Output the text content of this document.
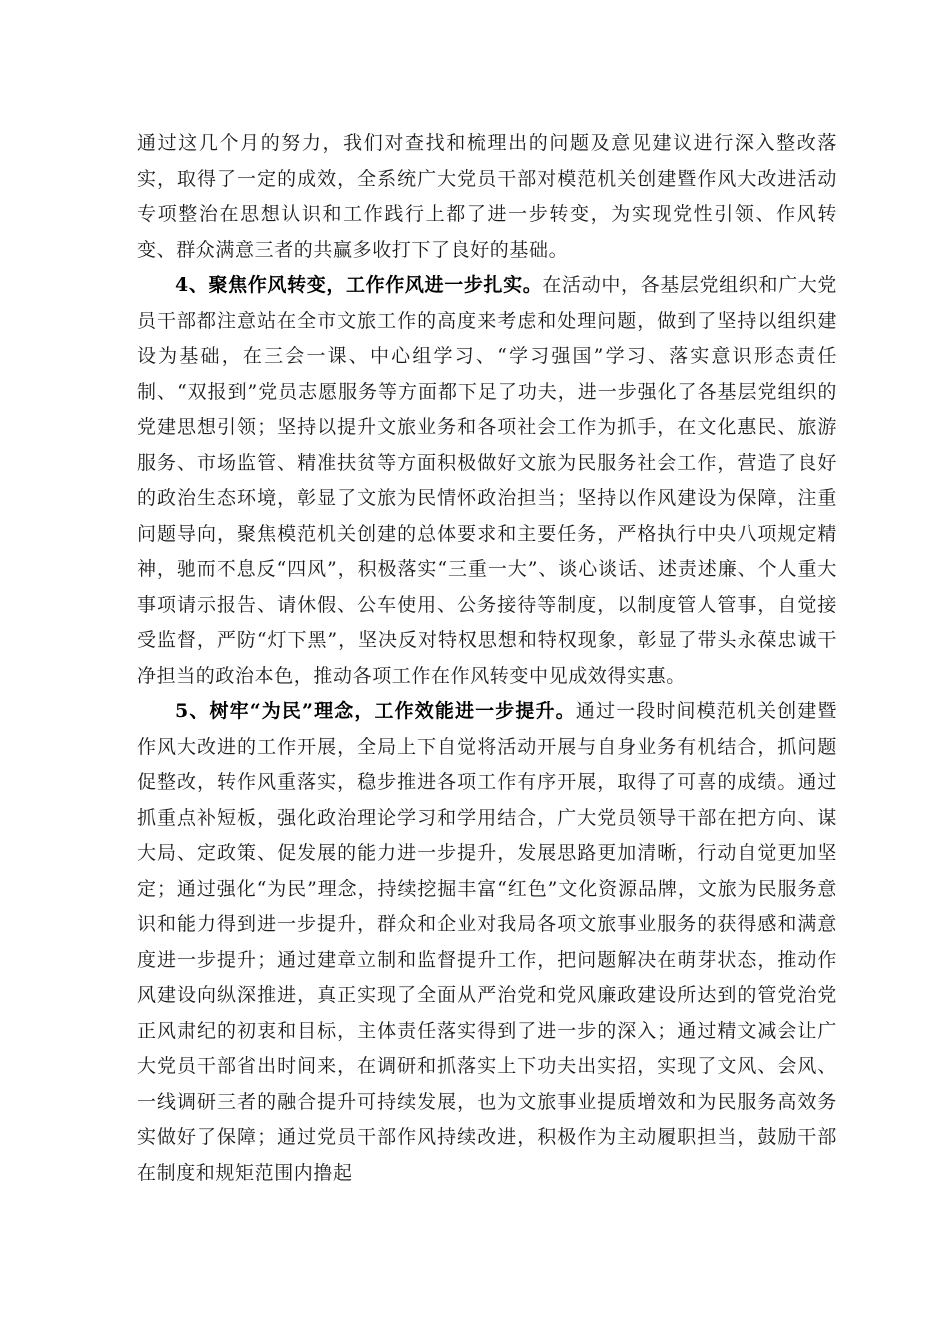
通过这几个月的努力，我们对查找和梳理出的问题及意见建议进行深入整改落实，取得了一定的成效，全系统广大党员干部对模范机关创建暨作风大改进活动专项整治在思想认识和工作践行上都了进一步转变，为实现党性引领、作风转变、群众满意三者的共赢多收打下了良好的基础。

4、聚焦作风转变，工作作风进一步扎实。在活动中，各基层党组织和广大党员干部都注意站在全市文旅工作的高度来考虑和处理问题，做到了坚持以组织建设为基础，在三会一课、中心组学习、“学习强国”学习、落实意识形态责任制、“双报到”党员志愿服务等方面都下足了功夫，进一步强化了各基层党组织的党建思想引领；坚持以提升文旅业务和各项社会工作为抓手，在文化惠民、旅游服务、市场监管、精准扶贫等方面积极做好文旅为民服务社会工作，营造了良好的政治生态环境，彰显了文旅为民情怀政治担当；坚持以作风建设为保障，注重问题导向，聚焦模范机关创建的总体要求和主要任务，严格执行中央八项规定精神，驰而不息反“四风”，积极落实“三重一大”、谈心谈话、述责述廉、个人重大事项请示报告、请休假、公车使用、公务接待等制度，以制度管人管事，自觉接受监督，严防“灯下黑”，坚决反对特权思想和特权现象，彰显了带头永葆忠诚干净担当的政治本色，推动各项工作在作风转变中见成效得实惠。

5、树牢“为民”理念，工作效能进一步提升。通过一段时间模范机关创建暨作风大改进的工作开展，全局上下自觉将活动开展与自身业务有机结合，抓问题促整改，转作风重落实，稳步推进各项工作有序开展，取得了可喜的成绩。通过抓重点补短板，强化政治理论学习和学用结合，广大党员领导干部在把方向、谋大局、定政策、促发展的能力进一步提升，发展思路更加清晰，行动自觉更加坚定；通过强化“为民”理念，持续挖掘丰富“红色”文化资源品牌，文旅为民服务意识和能力得到进一步提升，群众和企业对我局各项文旅事业服务的获得感和满意度进一步提升；通过建章立制和监督提升工作，把问题解决在萌芽状态，推动作风建设向纵深推进，真正实现了全面从严治党和党风廉政建设所达到的管党治党正风肃纪的初衷和目标，主体责任落实得到了进一步的深入；通过精文减会让广大党员干部省出时间来，在调研和抓落实上下功夫出实招，实现了文风、会风、一线调研三者的融合提升可持续发展，也为文旅事业提质增效和为民服务高效务实做好了保障；通过党员干部作风持续改进，积极作为主动履职担当，鼓励干部在制度和规矩范围内撸起
